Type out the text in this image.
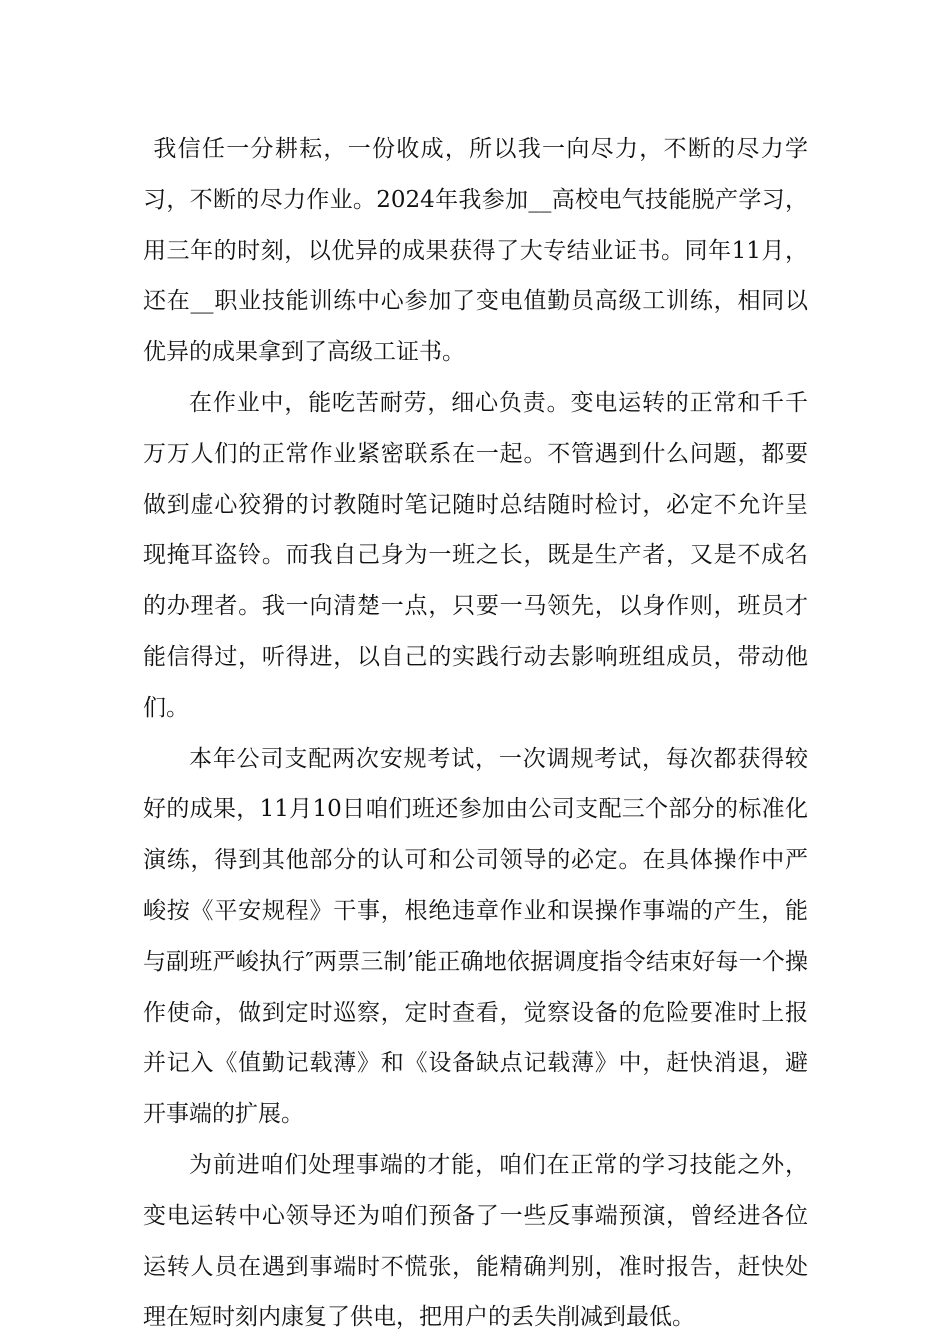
我信任一分耕耘，一份收成，所以我一向尽力，不断的尽力学习，不断的尽力作业。2024年我参加__高校电气技能脱产学习，用三年的时刻，以优异的成果获得了大专结业证书。同年11月，还在__职业技能训练中心参加了变电值勤员高级工训练，相同以优异的成果拿到了高级工证书。

在作业中，能吃苦耐劳，细心负责。变电运转的正常和千千万万人们的正常作业紧密联系在一起。不管遇到什么问题，都要做到虚心狡猾的讨教随时笔记随时总结随时检讨，必定不允许呈现掩耳盗铃。而我自己身为一班之长，既是生产者，又是不成名的办理者。我一向清楚一点，只要一马领先，以身作则，班员才能信得过，听得进，以自己的实践行动去影响班组成员，带动他们。

本年公司支配两次安规考试，一次调规考试，每次都获得较好的成果，11月10日咱们班还参加由公司支配三个部分的标准化演练，得到其他部分的认可和公司领导的必定。在具体操作中严峻按《平安规程》干事，根绝违章作业和误操作事端的产生，能与副班严峻执行″两票三制’能正确地依据调度指令结束好每一个操作使命，做到定时巡察，定时查看，觉察设备的危险要准时上报并记入《值勤记载薄》和《设备缺点记载薄》中，赶快消退，避开事端的扩展。

为前进咱们处理事端的才能，咱们在正常的学习技能之外，变电运转中心领导还为咱们预备了一些反事端预演，曾经进各位运转人员在遇到事端时不慌张，能精确判别，准时报告，赶快处理在短时刻内康复了供电，把用户的丢失削减到最低。
